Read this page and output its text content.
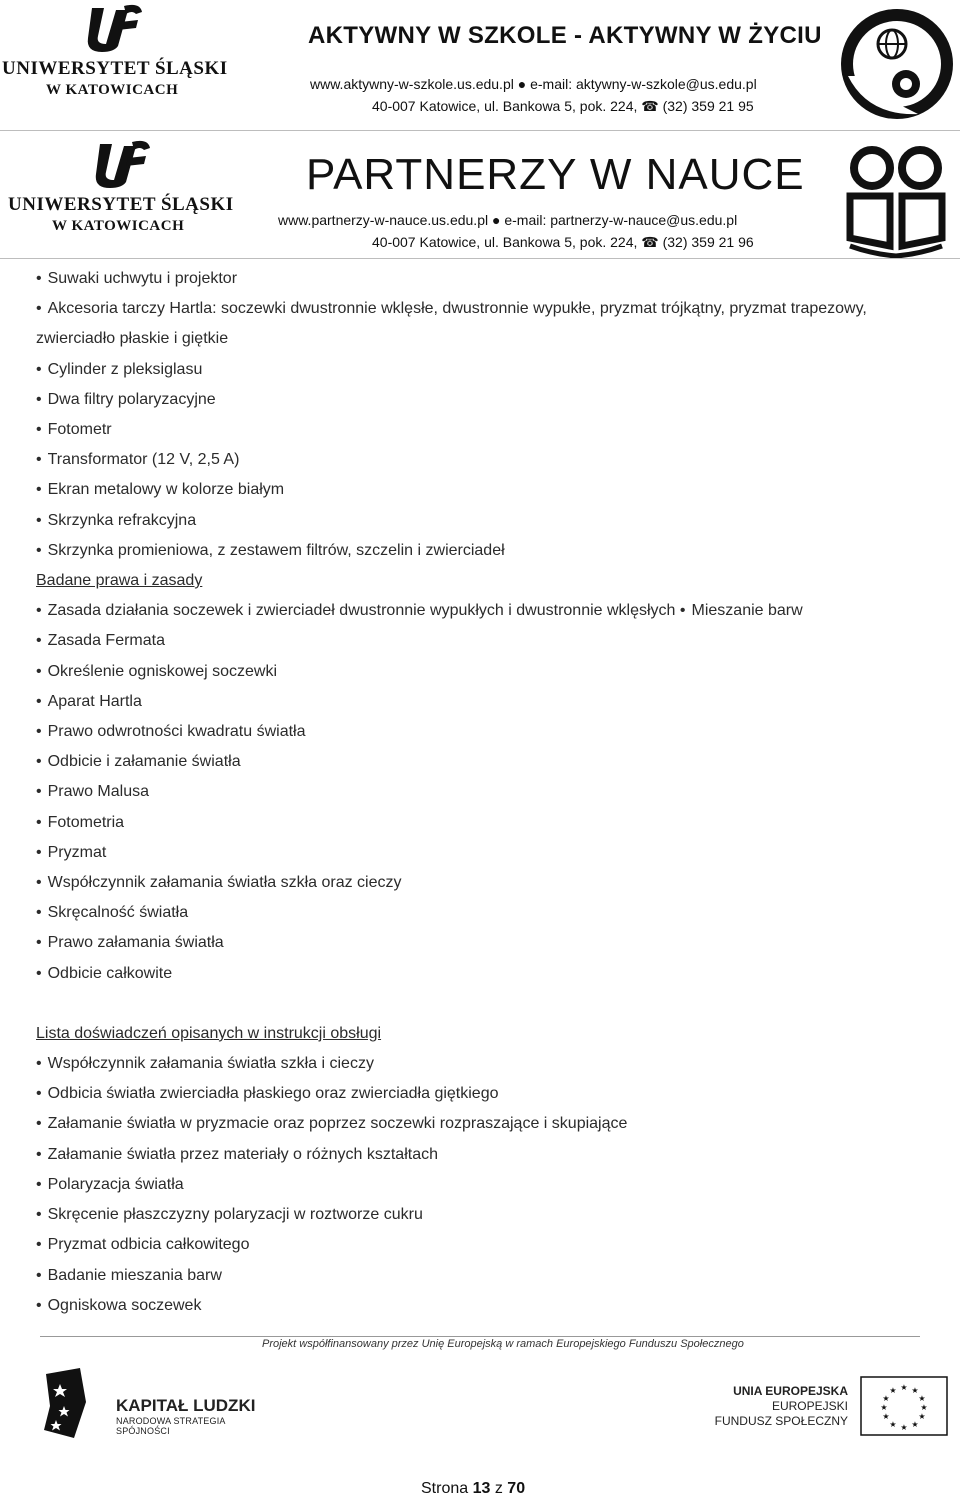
UNIWERSYTET ŚLĄSKI
W KATOWICACH
AKTYWNY W SZKOLE - AKTYWNY W ŻYCIU
www.aktywny-w-szkole.us.edu.pl ● e-mail: aktywny-w-szkole@us.edu.pl
40-007 Katowice, ul. Bankowa 5, pok. 224, ☎ (32) 359 21 95
UNIWERSYTET ŚLĄSKI
W KATOWICACH
PARTNERZY W NAUCE
www.partnerzy-w-nauce.us.edu.pl ● e-mail: partnerzy-w-nauce@us.edu.pl
40-007 Katowice, ul. Bankowa 5, pok. 224, ☎ (32) 359 21 96
• Suwaki uchwytu i projektor
• Akcesoria tarczy Hartla: soczewki dwustronnie wklęsłe, dwustronnie wypukłe, pryzmat trójkątny, pryzmat trapezowy, zwierciadło płaskie i giętkie
• Cylinder z pleksiglasu
• Dwa filtry polaryzacyjne
• Fotometr
• Transformator (12 V, 2,5 A)
• Ekran metalowy w kolorze białym
• Skrzynka refrakcyjna
• Skrzynka promieniowa, z zestawem filtrów, szczelin i zwierciadeł
Badane prawa i zasady
• Zasada działania soczewek i zwierciadeł dwustronnie wypukłych i dwustronnie wklęsłych • Mieszanie barw
• Zasada Fermata
• Określenie ogniskowej soczewki
• Aparat Hartla
• Prawo odwrotności kwadratu światła
• Odbicie i załamanie światła
• Prawo Malusa
• Fotometria
• Pryzmat
• Współczynnik załamania światła szkła oraz cieczy
• Skręcalność światła
• Prawo załamania światła
• Odbicie całkowite
Lista doświadczeń opisanych w instrukcji obsługi
• Współczynnik załamania światła szkła i cieczy
• Odbicia światła zwierciadła płaskiego oraz zwierciadła giętkiego
• Załamanie światła w pryzmacie oraz poprzez soczewki rozpraszające i skupiające
• Załamanie światła przez materiały o różnych kształtach
• Polaryzacja światła
• Skręcenie płaszczyzny polaryzacji w roztworze cukru
• Pryzmat odbicia całkowitego
• Badanie mieszania barw
• Ogniskowa soczewek
Projekt współfinansowany przez Unię Europejską w ramach Europejskiego Funduszu Społecznego
KAPITAŁ LUDZKI
NARODOWA STRATEGIA SPÓJNOŚCI
UNIA EUROPEJSKA
EUROPEJSKI
FUNDUSZ SPOŁECZNY
★ ★
★
★
★
★
★
★
★
★
★
★
Strona 13 z 70
